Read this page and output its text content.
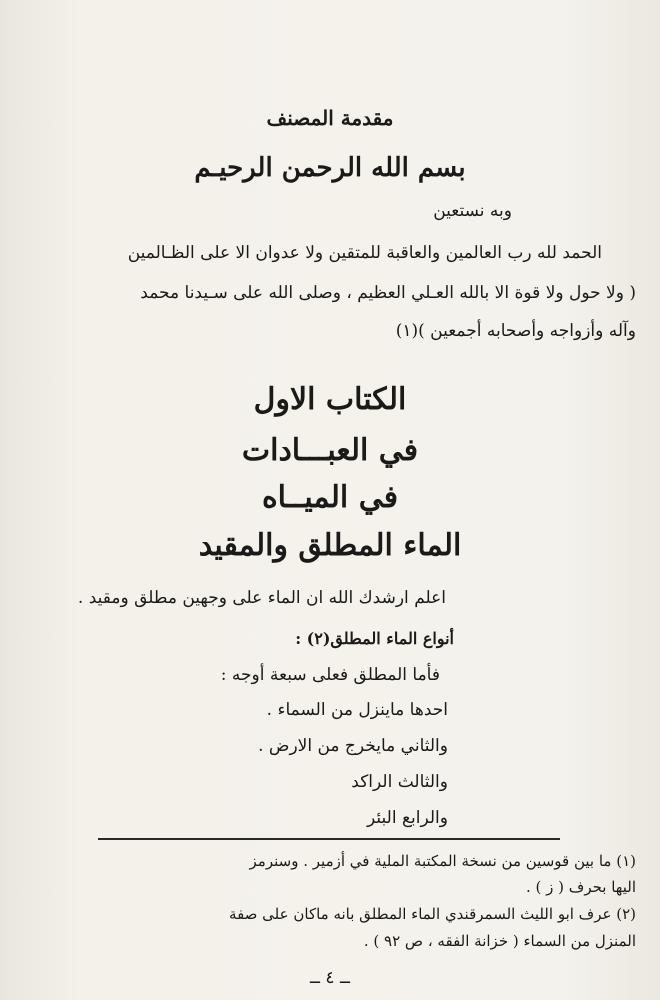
مقدمة المصنف
بسم الله الرحمن الرحيـم
وبه نستعين
الحمد لله رب العالمين والعاقبة للمتقين ولا عدوان الا على الظـالمين
( ولا حول ولا قوة الا بالله العـلي العظيم ، وصلى الله على سـيدنا محمد
وآله وأزواجه وأصحابه أجمعين )(١)
الكتاب الاول
في العبـــادات
في الميــاه
الماء المطلق والمقيد
اعلم ارشدك الله ان الماء على وجهين مطلق ومقيد .
أنواع الماء المطلق(٢) :
فأما المطلق فعلى سبعة أوجه :
احدها ماينزل من السماء .
والثاني مايخرج من الارض .
والثالث الراكد
والرابع البئر
(١) ما بين قوسين من نسخة المكتبة الملية في أزمير . وسنرمز
اليها بحرف ( ز ) .
(٢) عرف ابو الليث السمرقندي الماء المطلق بانه ماكان على صفة
المنزل من السماء ( خزانة الفقه ، ص ٩٢ ) .
ــ ٤ ــ
